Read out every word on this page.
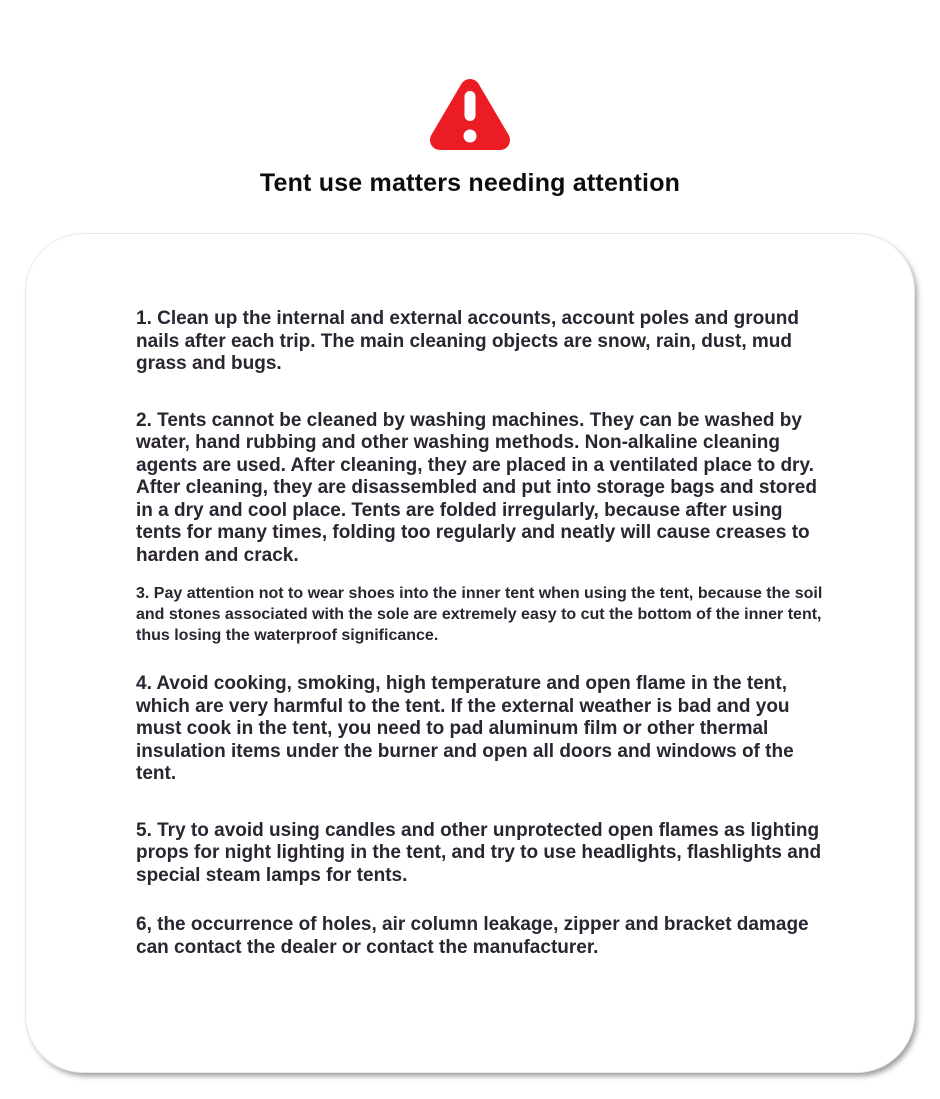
Tent use matters needing attention

1. Clean up the internal and external accounts, account poles and ground nails after each trip. The main cleaning objects are snow, rain, dust, mud grass and bugs.

2. Tents cannot be cleaned by washing machines. They can be washed by water, hand rubbing and other washing methods. Non-alkaline cleaning agents are used. After cleaning, they are placed in a ventilated place to dry. After cleaning, they are disassembled and put into storage bags and stored in a dry and cool place. Tents are folded irregularly, because after using tents for many times, folding too regularly and neatly will cause creases to harden and crack.

3. Pay attention not to wear shoes into the inner tent when using the tent, because the soil and stones associated with the sole are extremely easy to cut the bottom of the inner tent, thus losing the waterproof significance.

4. Avoid cooking, smoking, high temperature and open flame in the tent, which are very harmful to the tent. If the external weather is bad and you must cook in the tent, you need to pad aluminum film or other thermal insulation items under the burner and open all doors and windows of the tent.

5. Try to avoid using candles and other unprotected open flames as lighting props for night lighting in the tent, and try to use headlights, flashlights and special steam lamps for tents.

6, the occurrence of holes, air column leakage, zipper and bracket damage can contact the dealer or contact the manufacturer.
